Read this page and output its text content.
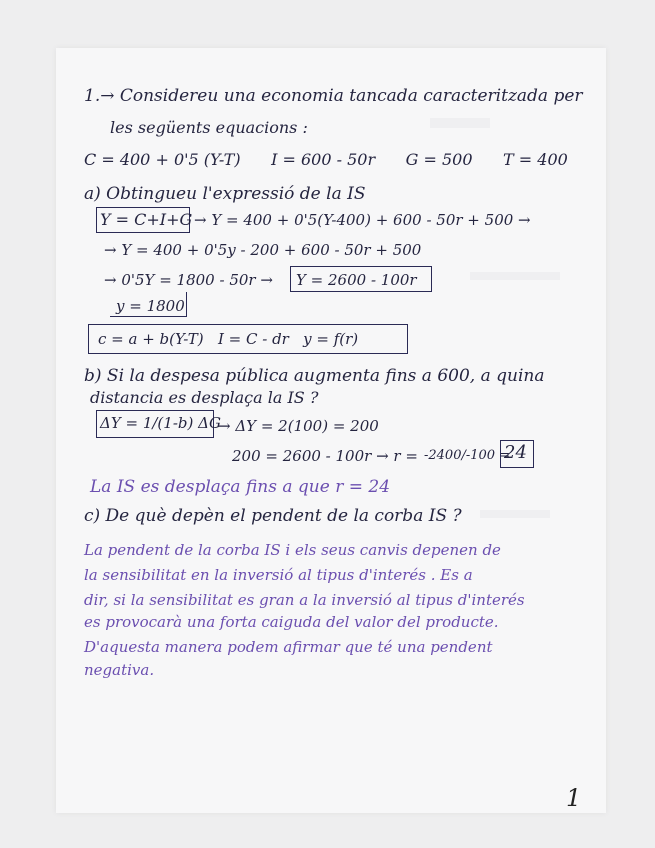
1.→ Considereu una economia tancada caracteritzada per
les següents equacions :
C = 400 + 0'5 (Y-T)      I = 600 - 50r      G = 500      T = 400
a) Obtingueu l'expressió de la IS
Y = C+I+G → Y = 400 + 0'5(Y-400) + 600 - 50r + 500 →
→ Y = 400 + 0'5y - 200 + 600 - 50r + 500
→ 0'5Y = 1800 - 50r → Y = 2600 - 100r
y = 1800
c = a + b(Y-T)   I = C - dr   y = f(r)
b) Si la despesa pública augmenta fins a 600, a quina
distancia es desplaça la IS ?
ΔY = 1/(1-b) ΔG
→ ΔY = 2(100) = 200
200 = 2600 - 100r → r = -2400/-100 =
24
La IS es desplaça fins a que r = 24
c) De què depèn el pendent de la corba IS ?
La pendent de la corba IS i els seus canvis depenen de
la sensibilitat en la inversió al tipus d'interés . Es a
dir, si la sensibilitat es gran a la inversió al tipus d'interés
es provocarà una forta caiguda del valor del producte.
D'aquesta manera podem afirmar que té una pendent
negativa.
1
